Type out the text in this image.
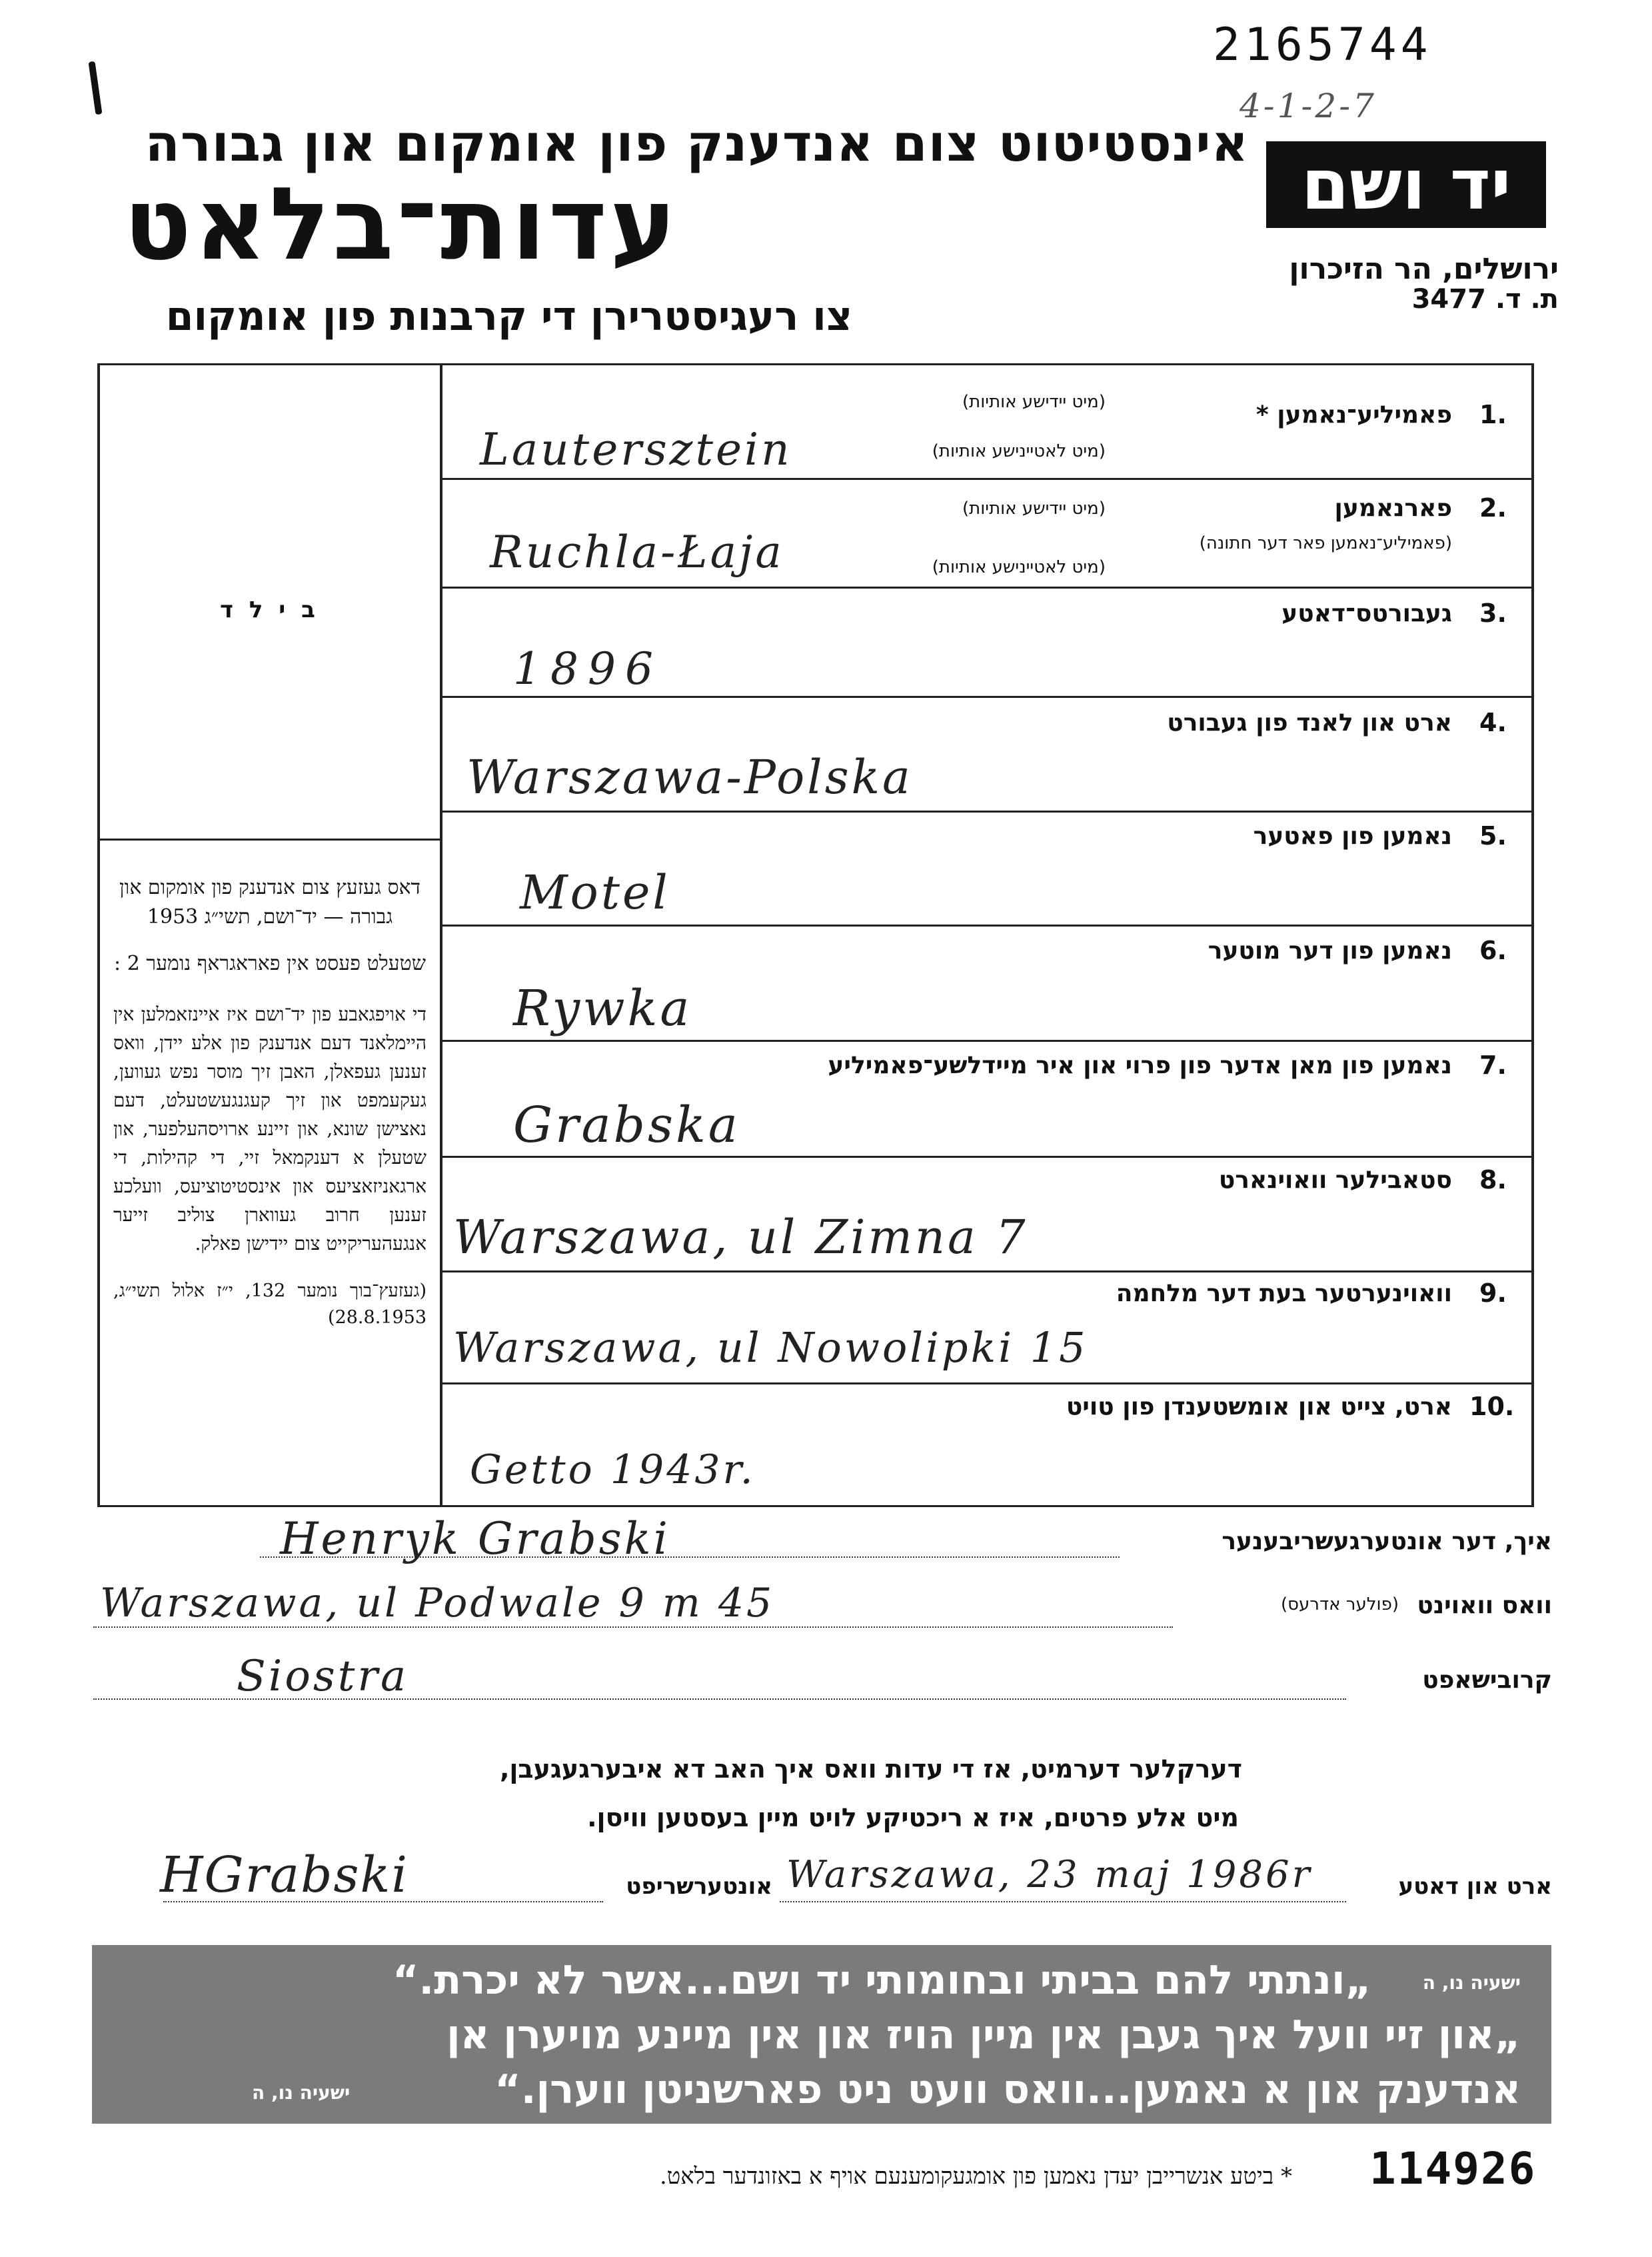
2165744
4-1-2-7
אינסטיטוט צום אנדענק פון אומקום און גבורה
יד ושם
עדות־בלאט	ירושלים, הר הזיכרון
ת. ד. 3477
צו רעגיסטרירן די קרבנות פון אומקום
ב י ל ד
דאס געזעץ צום אנדענק פון אומקום און גבורה — יד־ושם, תשי״ג 1953
שטעלט פעסט אין פאראגראף נומער 2 :
די אויפגאבע פון יד־ושם איז איינזאמלען אין היימלאנד דעם אנדענק פון אלע יידן, וואס זענען געפאלן, האבן זיך מוסר נפש געווען, געקעמפט און זיך קעגנגעשטעלט, דעם נאצישן שונא, און זיינע ארויסהעלפער, און שטעלן א דענקמאל זיי, די קהילות, די ארגאניזאציעס און אינסטיטוציעס, וועלכע זענען חרוב געווארן צוליב זייער אנגעהעריקייט צום יידישן פאלק.
(געזעץ־בוך נומער 132, י״ז אלול תשי״ג, 28.8.1953)
1.
פאמיליע־נאמען *
(מיט יידישע אותיות)
(מיט לאטיינישע אותיות)
Lautersztein
2.
פארנאמען
(פאמיליע־נאמען פאר דער חתונה)
(מיט יידישע אותיות)
(מיט לאטיינישע אותיות)
Ruchla-Łaja
3.
געבורטס־דאטע
1896
4.
ארט און לאנד פון געבורט
Warszawa-Polska
5.
נאמען פון פאטער
Motel
6.
נאמען פון דער מוטער
Rywka
7.
נאמען פון מאן אדער פון פרוי און איר מיידלשע־פאמיליע
Grabska
8.
סטאבילער וואוינארט
Warszawa, ul Zimna 7
9.
וואוינערטער בעת דער מלחמה
Warszawa, ul Nowolipki 15
10.
ארט, צייט און אומשטענדן פון טויט
Getto 1943r.
איך, דער אונטערגעשריבענער
Henryk Grabski
וואס וואוינט
(פולער אדרעס)
Warszawa, ul Podwale 9 m 45
קרובישאפט
Siostra
דערקלער דערמיט, אז די עדות וואס איך האב דא איבערגעגעבן,
מיט אלע פרטים, איז א ריכטיקע לויט מיין בעסטען וויסן.
ארט און דאטע
Warszawa, 23 maj 1986r
אונטערשריפט
HGrabski
„ונתתי להם בביתי ובחומותי יד ושם...אשר לא יכרת.“	ישעיה נו, ה
„און זיי וועל איך געבן אין מיין הויז און אין מיינע מויערן אן
אנדענק און א נאמען...וואס וועט ניט פארשניטן ווערן.“
ישעיה נו, ה
* ביטע אנשרייבן יעדן נאמען פון אומגעקומענעם אויף א באזונדער בלאט. 114926
